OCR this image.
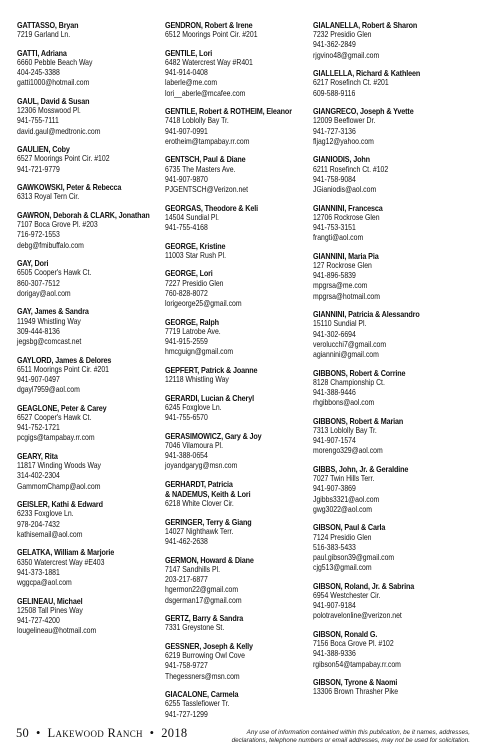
GATTASSO, Bryan
7219 Garland Ln.
GATTI, Adriana
6660 Pebble Beach Way
404-245-3388
gatti1000@hotmail.com
GAUL, David & Susan
12306 Mosswood Pl.
941-755-7111
david.gaul@medtronic.com
GAULIEN, Coby
6527 Moorings Point Cir. #102
941-721-9779
GAWKOWSKI, Peter & Rebecca
6313 Royal Tern Cir.
GAWRON, Deborah & CLARK, Jonathan
7107 Boca Grove Pl. #203
716-972-1553
debg@fmibuffalo.com
GAY, Dori
6505 Cooper's Hawk Ct.
860-307-7512
dorigay@aol.com
GAY, James & Sandra
11949 Whistling Way
309-444-8136
jegsbg@comcast.net
GAYLORD, James & Delores
6511 Moorings Point Cir. #201
941-907-0497
dgayl7959@aol.com
GEAGLONE, Peter & Carey
6527 Cooper's Hawk Ct.
941-752-1721
pcgigs@tampabay.rr.com
GEARY, Rita
11817 Winding Woods Way
314-402-2304
GammomChamp@aol.com
GEISLER, Kathi & Edward
6233 Foxglove Ln.
978-204-7432
kathisemail@aol.com
GELATKA, William & Marjorie
6350 Watercrest Way #E403
941-373-1881
wggcpa@aol.com
GELINEAU, Michael
12508 Tall Pines Way
941-727-4200
lougelineau@hotmail.com
GENDRON, Robert & Irene
6512 Moorings Point Cir. #201
GENTILE, Lori
6482 Watercrest Way #R401
941-914-0408
laberle@me.com
lori__aberle@mcafee.com
GENTILE, Robert & ROTHEIM, Eleanor
7418 Loblolly Bay Tr.
941-907-0991
erotheim@tampabay.rr.com
GENTSCH, Paul & Diane
6735 The Masters Ave.
941-907-9870
PJGENTSCH@Verizon.net
GEORGAS, Theodore & Keli
14504 Sundial Pl.
941-755-4168
GEORGE, Kristine
11003 Star Rush Pl.
GEORGE, Lori
7227 Presidio Glen
760-828-8072
lorigeorge25@gmail.com
GEORGE, Ralph
7719 Latrobe Ave.
941-915-2559
hmcguign@gmail.com
GEPFERT, Patrick & Joanne
12118 Whistling Way
GERARDI, Lucian & Cheryl
6245 Foxglove Ln.
941-755-6570
GERASIMOWICZ, Gary & Joy
7046 Vilamoura Pl.
941-388-0654
joyandgaryg@msn.com
GERHARDT, Patricia
& NADEMUS, Keith & Lori
6218 White Clover Cir.
GERINGER, Terry & Giang
14027 Nighthawk Terr.
941-462-2638
GERMON, Howard & Diane
7147 Sandhills Pl.
203-217-6877
hgermon22@gmail.com
dsgerman17@gmail.com
GERTZ, Barry & Sandra
7331 Greystone St.
GESSNER, Joseph & Kelly
6219 Burrowing Owl Cove
941-758-9727
Thegessners@msn.com
GIACALONE, Carmela
6255 Tasslefiower Tr.
941-727-1299
GIALANELLA, Robert & Sharon
7232 Presidio Glen
941-362-2849
rjgvino48@gmail.com
GIALLELLA, Richard & Kathleen
6217 Rosefinch Ct. #201
609-588-9116
GIANGRECO, Joseph & Yvette
12009 Beeflower Dr.
941-727-3136
fljag12@yahoo.com
GIANIODIS, John
6211 Rosefinch Ct. #102
941-758-9084
JGianiodis@aol.com
GIANNINI, Francesca
12706 Rockrose Glen
941-753-3151
frangti@aol.com
GIANNINI, Maria Pia
127 Rockrose Glen
941-896-5839
mpgrsa@me.com
mpgrsa@hotmail.com
GIANNINI, Patricia & Alessandro
15110 Sundial Pl.
941-302-6694
verolucchi7@gmail.com
agiannini@gmail.com
GIBBONS, Robert & Corrine
8128 Championship Ct.
941-388-9446
rhgibbons@aol.com
GIBBONS, Robert & Marian
7313 Loblolly Bay Tr.
941-907-1574
morengo329@aol.com
GIBBS, John, Jr. & Geraldine
7027 Twin Hills Terr.
941-907-3869
Jgibbs3321@aol.com
gwg3022@aol.com
GIBSON, Paul & Carla
7124 Presidio Glen
516-383-5433
paul.gibson39@gmail.com
cjg513@gmail.com
GIBSON, Roland, Jr. & Sabrina
6954 Westchester Cir.
941-907-9184
polotravelonline@verizon.net
GIBSON, Ronald G.
7156 Boca Grove Pl. #102
941-388-9336
rgibson54@tampabay.rr.com
GIBSON, Tyrone & Naomi
13306 Brown Thrasher Pike
50 • Lakewood Ranch • 2018	Any use of information contained within this publication, be it names, addresses, declarations, telephone numbers or email addresses, may not be used for solicitation.
